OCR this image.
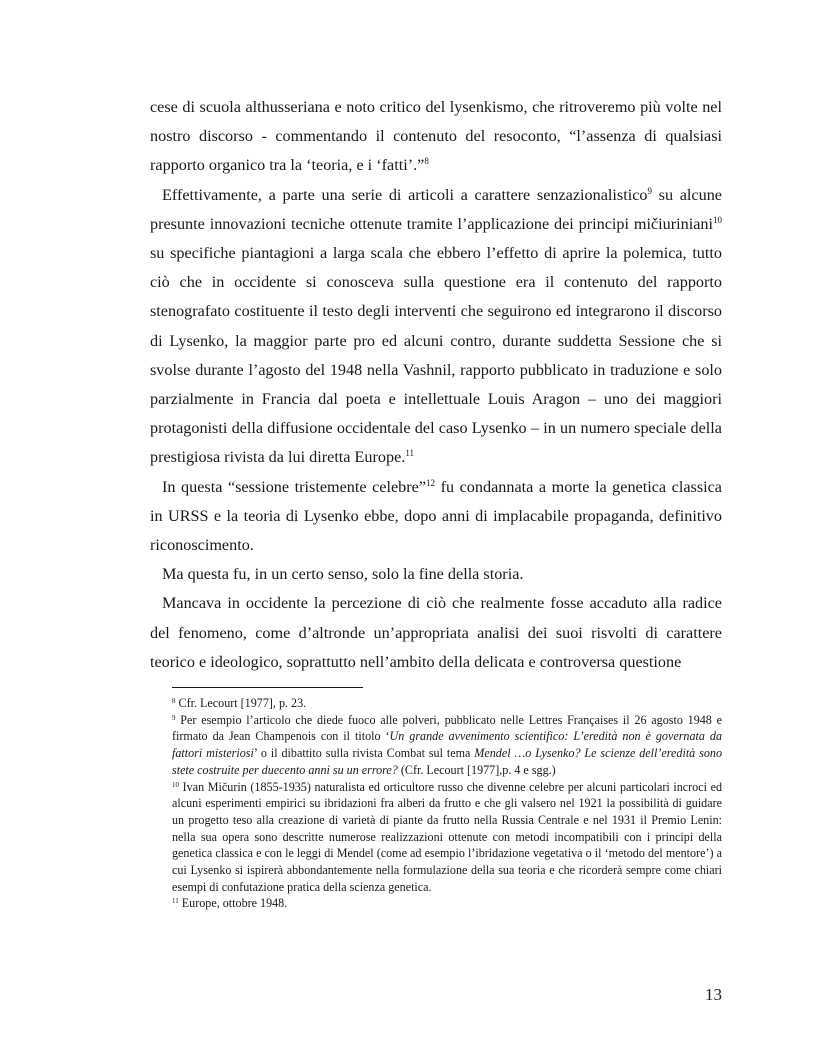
cese di scuola althusseriana e noto critico del lysenkismo, che ritroveremo più volte nel nostro discorso - commentando il contenuto del resoconto, “l’assenza di qualsiasi rapporto organico tra la ‘teoria, e i ‘fatti’.”$^8$

Effettivamente, a parte una serie di articoli a carattere senzazionalistico$^9$ su alcune presunte innovazioni tecniche ottenute tramite l’applicazione dei principi mičiuriniani$^{10}$ su specifiche piantagioni a larga scala che ebbero l’effetto di aprire la polemica, tutto ciò che in occidente si conosceva sulla questione era il contenuto del rapporto stenografato costituente il testo degli interventi che seguirono ed integrarono il discorso di Lysenko, la maggior parte pro ed alcuni contro, durante suddetta Sessione che si svolse durante l’agosto del 1948 nella Vashnil, rapporto pubblicato in traduzione e solo parzialmente in Francia dal poeta e intellettuale Louis Aragon – uno dei maggiori protagonisti della diffusione occidentale del caso Lysenko – in un numero speciale della prestigiosa rivista da lui diretta Europe.$^{11}$

In questa “sessione tristemente celebre”$^{12}$ fu condannata a morte la genetica classica in URSS e la teoria di Lysenko ebbe, dopo anni di implacabile propaganda, definitivo riconoscimento.

Ma questa fu, in un certo senso, solo la fine della storia.

Mancava in occidente la percezione di ciò che realmente fosse accaduto alla radice del fenomeno, come d’altronde un’appropriata analisi dei suoi risvolti di carattere teorico e ideologico, soprattutto nell’ambito della delicata e controversa questione

$^8$ Cfr. Lecourt [1977], p. 23.

$^9$ Per esempio l’articolo che diede fuoco alle polveri, pubblicato nelle Lettres Françaises il 26 agosto 1948 e firmato da Jean Champenois con il titolo ‘Un grande avvenimento scientifico: L’eredità non è governata da fattori misteriosi’ o il dibattito sulla rivista Combat sul tema Mendel …o Lysenko? Le scienze dell’eredità sono stete costruite per duecento anni su un errore? (Cfr. Lecourt [1977],p. 4 e sgg.)

$^{10}$ Ivan Mičurin (1855-1935) naturalista ed orticultore russo che divenne celebre per alcuni particolari incroci ed alcuni esperimenti empirici su ibridazioni fra alberi da frutto e che gli valsero nel 1921 la possibilità di guidare un progetto teso alla creazione di varietà di piante da frutto nella Russia Centrale e nel 1931 il Premio Lenin: nella sua opera sono descritte numerose realizzazioni ottenute con metodi incompatibili con i principi della genetica classica e con le leggi di Mendel (come ad esempio l’ibridazione vegetativa o il ‘metodo del mentore’) a cui Lysenko si ispirerà abbondantemente nella formulazione della sua teoria e che ricorderà sempre come chiari esempi di confutazione pratica della scienza genetica.

$^{11}$ Europe, ottobre 1948.

13
